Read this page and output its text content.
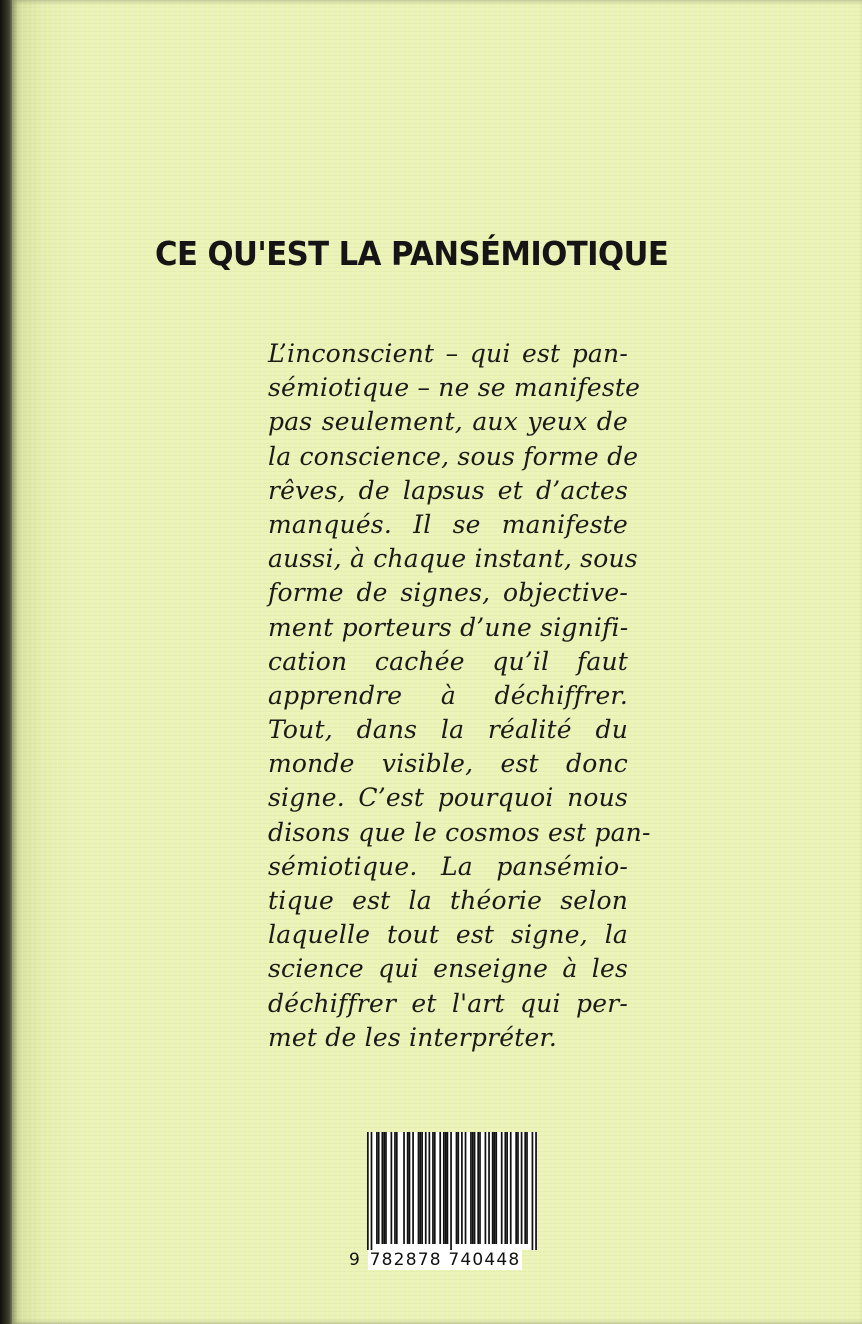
CE QU'EST LA PANSÉMIOTIQUE
L’inconscient – qui est pan-
sémiotique – ne se manifeste
pas seulement, aux yeux de
la conscience, sous forme de
rêves, de lapsus et d’actes
manqués. Il se manifeste
aussi, à chaque instant, sous
forme de signes, objective-
ment porteurs d’une signifi-
cation cachée qu’il faut
apprendre à déchiffrer.
Tout, dans la réalité du
monde visible, est donc
signe. C’est pourquoi nous
disons que le cosmos est pan-
sémiotique. La pansémio-
tique est la théorie selon
laquelle tout est signe, la
science qui enseigne à les
déchiffrer et l'art qui per-
met de les interpréter.
9 782878 740448
